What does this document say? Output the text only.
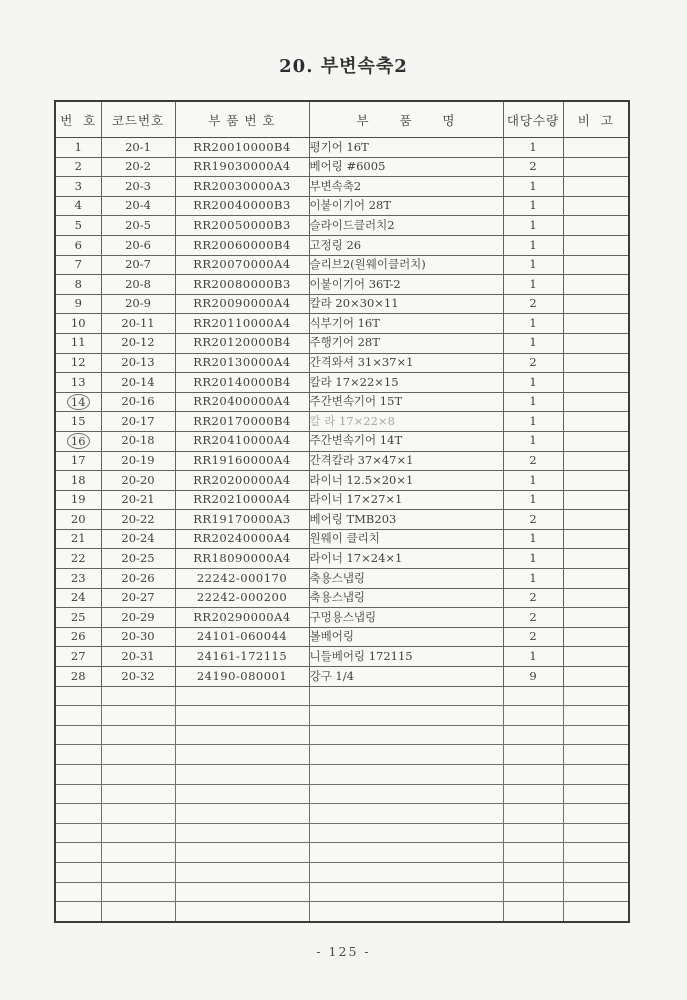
20. 부변속축2
번  호	코드번호	부 품 번 호	부      품      명	대당수량	비  고
1	20-1	RR20010000B4	평기어 16T	1	
2	20-2	RR19030000A4	베어링 #6005	2	
3	20-3	RR20030000A3	부변속축2	1	
4	20-4	RR20040000B3	이붙이기어 28T	1	
5	20-5	RR20050000B3	슬라이드클러치2	1	
6	20-6	RR20060000B4	고정링 26	1	
7	20-7	RR20070000A4	슬리브2(원웨이클러치)	1	
8	20-8	RR20080000B3	이붙이기어 36T-2	1	
9	20-9	RR20090000A4	칼라 20×30×11	2	
10	20-11	RR20110000A4	식부기어 16T	1	
11	20-12	RR20120000B4	주행기어 28T	1	
12	20-13	RR20130000A4	간격와셔 31×37×1	2	
13	20-14	RR20140000B4	칼라 17×22×15	1	
14	20-16	RR20400000A4	주간변속기어 15T	1	
15	20-17	RR20170000B4	칼 라 17×22×8	1	
16	20-18	RR20410000A4	주간변속기어 14T	1	
17	20-19	RR19160000A4	간격칼라 37×47×1	2	
18	20-20	RR20200000A4	라이너 12.5×20×1	1	
19	20-21	RR20210000A4	라이너 17×27×1	1	
20	20-22	RR19170000A3	베어링 TMB203	2	
21	20-24	RR20240000A4	원웨이 클리치	1	
22	20-25	RR18090000A4	라이너 17×24×1	1	
23	20-26	22242-000170	축용스냅링	1	
24	20-27	22242-000200	축용스냅링	2	
25	20-29	RR20290000A4	구멍용스냅링	2	
26	20-30	24101-060044	볼베어링	2	
27	20-31	24161-172115	니들베어링 172115	1	
28	20-32	24190-080001	강구 1/4	9	

- 125 -
